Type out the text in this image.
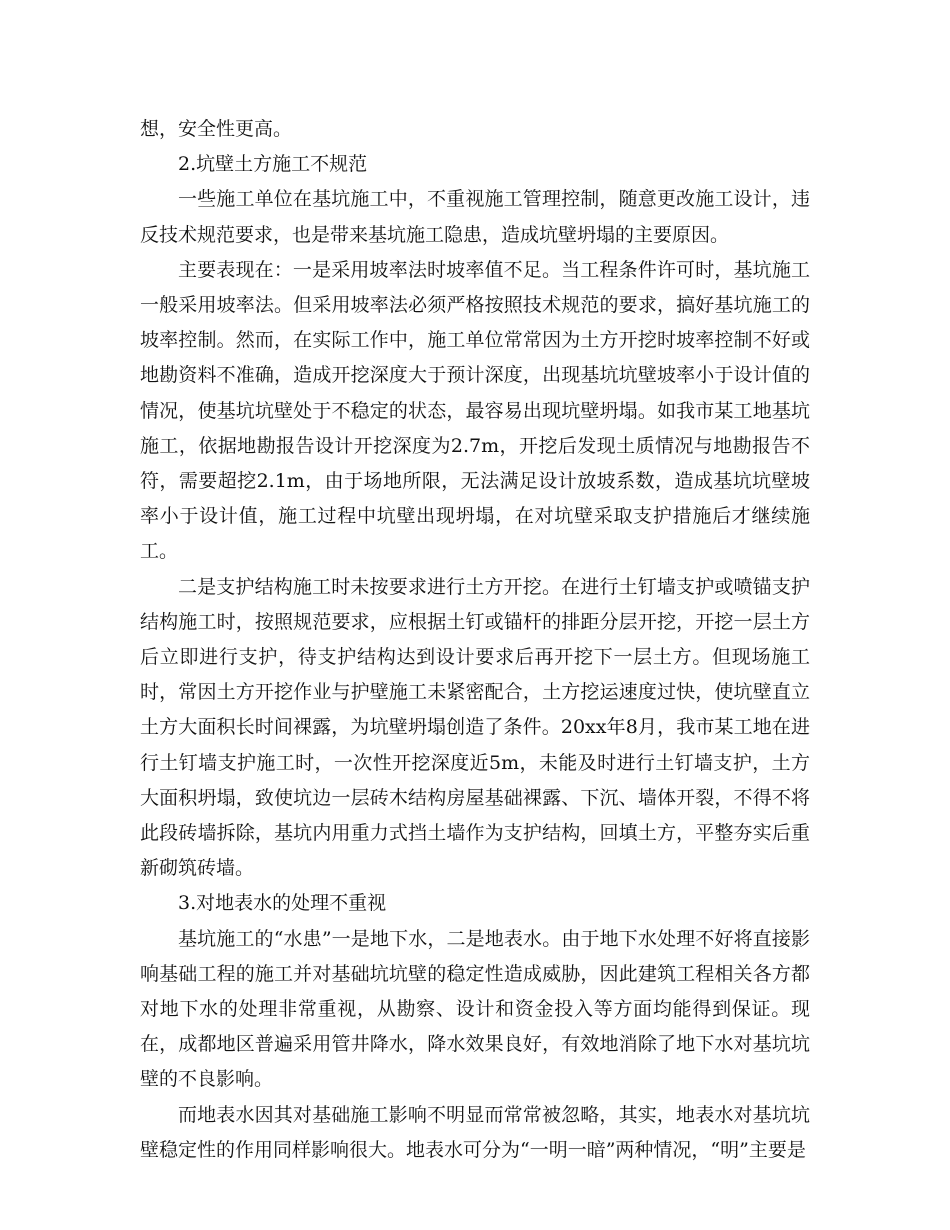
想，安全性更高。

2.坑壁土方施工不规范

一些施工单位在基坑施工中，不重视施工管理控制，随意更改施工设计，违反技术规范要求，也是带来基坑施工隐患，造成坑壁坍塌的主要原因。

主要表现在：一是采用坡率法时坡率值不足。当工程条件许可时，基坑施工一般采用坡率法。但采用坡率法必须严格按照技术规范的要求，搞好基坑施工的坡率控制。然而，在实际工作中，施工单位常常因为土方开挖时坡率控制不好或地勘资料不准确，造成开挖深度大于预计深度，出现基坑坑壁坡率小于设计值的情况，使基坑坑壁处于不稳定的状态，最容易出现坑壁坍塌。如我市某工地基坑施工，依据地勘报告设计开挖深度为2.7m，开挖后发现土质情况与地勘报告不符，需要超挖2.1m，由于场地所限，无法满足设计放坡系数，造成基坑坑壁坡率小于设计值，施工过程中坑壁出现坍塌，在对坑壁采取支护措施后才继续施工。

二是支护结构施工时未按要求进行土方开挖。在进行土钉墙支护或喷锚支护结构施工时，按照规范要求，应根据土钉或锚杆的排距分层开挖，开挖一层土方后立即进行支护，待支护结构达到设计要求后再开挖下一层土方。但现场施工时，常因土方开挖作业与护壁施工未紧密配合，土方挖运速度过快，使坑壁直立土方大面积长时间裸露，为坑壁坍塌创造了条件。20xx年8月，我市某工地在进行土钉墙支护施工时，一次性开挖深度近5m，未能及时进行土钉墙支护，土方大面积坍塌，致使坑边一层砖木结构房屋基础裸露、下沉、墙体开裂，不得不将此段砖墙拆除，基坑内用重力式挡土墙作为支护结构，回填土方，平整夯实后重新砌筑砖墙。

3.对地表水的处理不重视

基坑施工的“水患”一是地下水，二是地表水。由于地下水处理不好将直接影响基础工程的施工并对基础坑坑壁的稳定性造成威胁，因此建筑工程相关各方都对地下水的处理非常重视，从勘察、设计和资金投入等方面均能得到保证。现在，成都地区普遍采用管井降水，降水效果良好，有效地消除了地下水对基坑坑壁的不良影响。

而地表水因其对基础施工影响不明显而常常被忽略，其实，地表水对基坑坑壁稳定性的作用同样影响很大。地表水可分为“一明一暗”两种情况，“明”主要是
